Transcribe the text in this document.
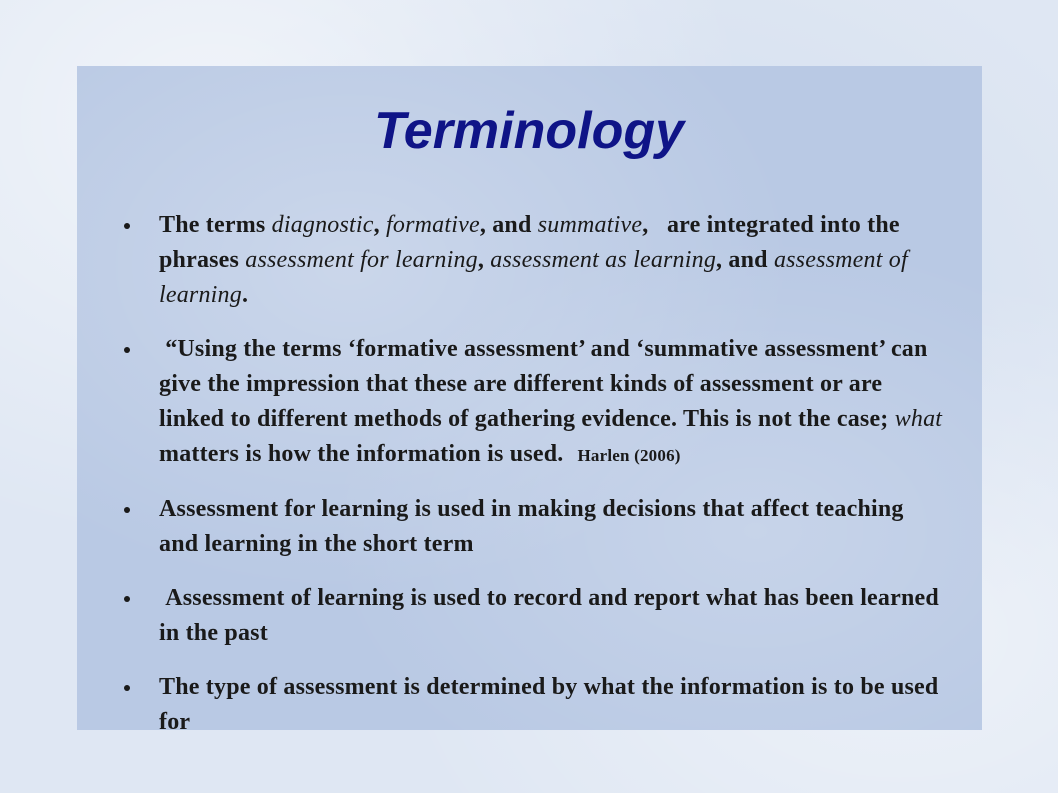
Terminology
The terms diagnostic, formative, and summative,   are integrated into the phrases assessment for learning, assessment as learning, and assessment of learning.
“Using the terms ‘formative assessment’ and ‘summative assessment’ can give the impression that these are different kinds of assessment or are linked to different methods of gathering evidence. This is not the case; what matters is how the information is used. Harlen (2006)
Assessment for learning is used in making decisions that affect teaching and learning in the short term
Assessment of learning is used to record and report what has been learned in the past
The type of assessment is determined by what the information is to be used for
